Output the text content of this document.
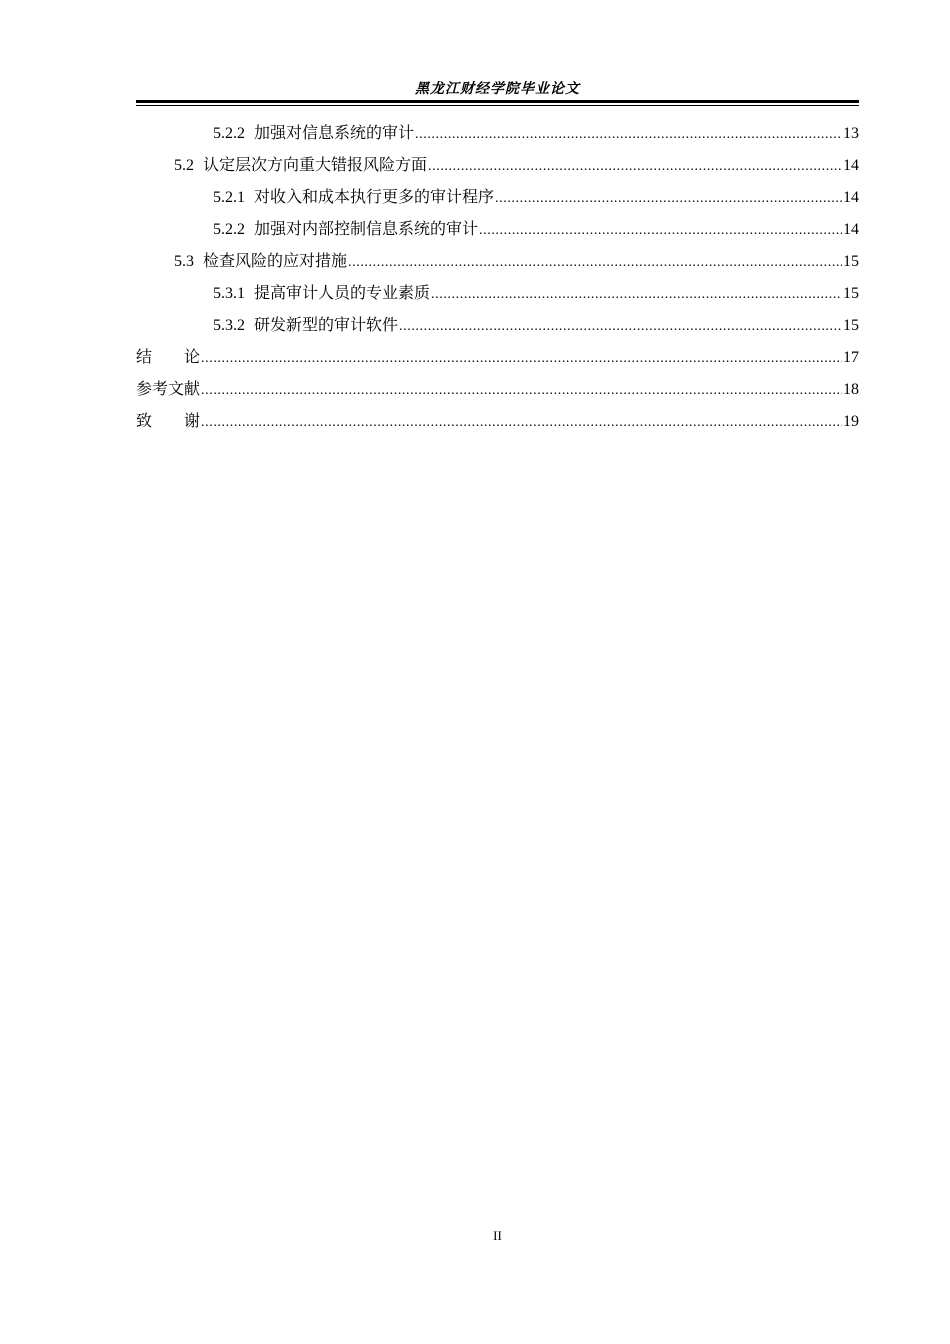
黑龙江财经学院毕业论文
5.2.2 加强对信息系统的审计 .....	13
5.2 认定层次方向重大错报风险方面 .....	14
5.2.1 对收入和成本执行更多的审计程序 .....	14
5.2.2 加强对内部控制信息系统的审计 .....	14
5.3 检查风险的应对措施 .....	15
5.3.1 提高审计人员的专业素质 .....	15
5.3.2 研发新型的审计软件 .....	15
结　　论 .....	17
参考文献 .....	18
致　　谢 .....	19
II
